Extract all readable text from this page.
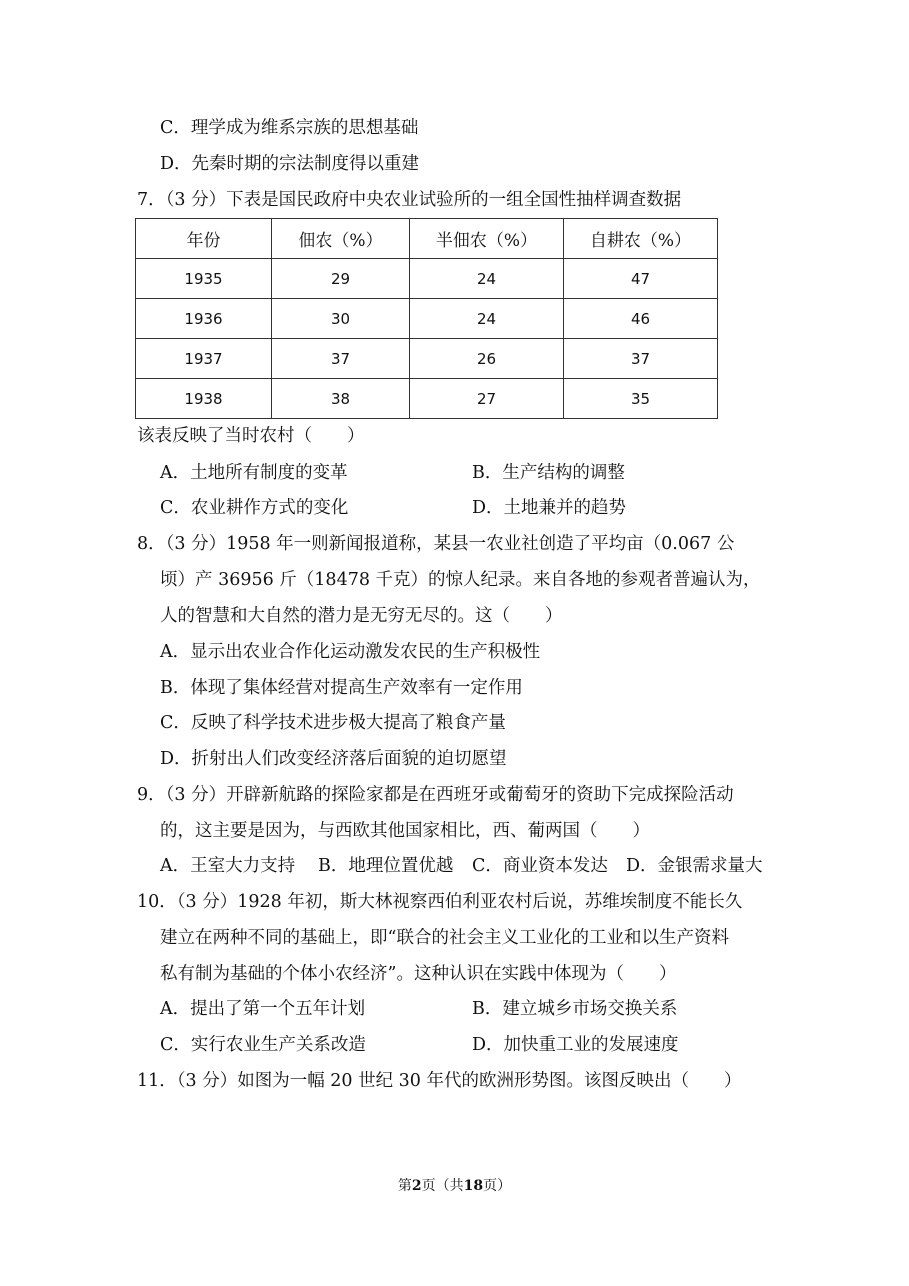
C．理学成为维系宗族的思想基础
D．先秦时期的宗法制度得以重建
7．（3 分）下表是国民政府中央农业试验所的一组全国性抽样调查数据
年份	佃农（%）	半佃农（%）	自耕农（%）
1935	29	24	47
1936	30	24	46
1937	37	26	37
1938	38	27	35
该表反映了当时农村（　　）
A．土地所有制度的变革	B．生产结构的调整
C．农业耕作方式的变化	D．土地兼并的趋势
8．（3 分）1958 年一则新闻报道称，某县一农业社创造了平均亩（0.067 公
顷）产 36956 斤（18478 千克）的惊人纪录。来自各地的参观者普遍认为，
人的智慧和大自然的潜力是无穷无尽的。这（　　）
A．显示出农业合作化运动激发农民的生产积极性
B．体现了集体经营对提高生产效率有一定作用
C．反映了科学技术进步极大提高了粮食产量
D．折射出人们改变经济落后面貌的迫切愿望
9．（3 分）开辟新航路的探险家都是在西班牙或葡萄牙的资助下完成探险活动
的，这主要是因为，与西欧其他国家相比，西、葡两国（　　）
A．王室大力支持 B．地理位置优越 C．商业资本发达 D．金银需求量大
10．（3 分）1928 年初，斯大林视察西伯利亚农村后说，苏维埃制度不能长久
建立在两种不同的基础上，即“联合的社会主义工业化的工业和以生产资料
私有制为基础的个体小农经济”。这种认识在实践中体现为（　　）
A．提出了第一个五年计划	B．建立城乡市场交换关系
C．实行农业生产关系改造	D．加快重工业的发展速度
11．（3 分）如图为一幅 20 世纪 30 年代的欧洲形势图。该图反映出（　　）
第2页（共18页）
